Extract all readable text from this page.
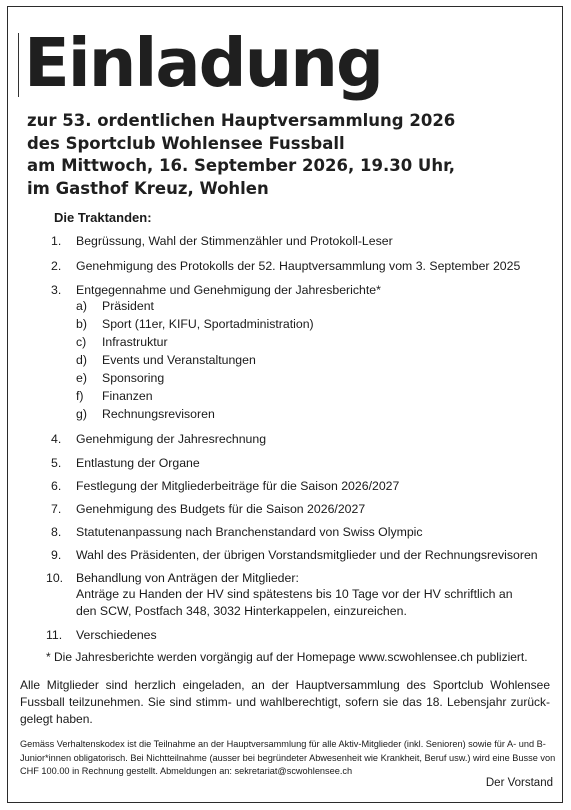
Einladung
zur 53. ordentlichen Hauptversammlung 2026
des Sportclub Wohlensee Fussball
am Mittwoch, 16. September 2026, 19.30 Uhr,
im Gasthof Kreuz, Wohlen
Die Traktanden:
1. Begrüssung, Wahl der Stimmenzähler und Protokoll-Leser
2. Genehmigung des Protokolls der 52. Hauptversammlung vom 3. September 2025
3. Entgegennahme und Genehmigung der Jahresberichte*
a) Präsident
b) Sport (11er, KIFU, Sportadministration)
c) Infrastruktur
d) Events und Veranstaltungen
e) Sponsoring
f) Finanzen
g) Rechnungsrevisoren
4. Genehmigung der Jahresrechnung
5. Entlastung der Organe
6. Festlegung der Mitgliederbeiträge für die Saison 2026/2027
7. Genehmigung des Budgets für die Saison 2026/2027
8. Statutenanpassung nach Branchenstandard von Swiss Olympic
9. Wahl des Präsidenten, der übrigen Vorstandsmitglieder und der Rechnungsrevisoren
10. Behandlung von Anträgen der Mitglieder:
Anträge zu Handen der HV sind spätestens bis 10 Tage vor der HV schriftlich an
den SCW, Postfach 348, 3032 Hinterkappelen, einzureichen.
11. Verschiedenes
* Die Jahresberichte werden vorgängig auf der Homepage www.scwohlensee.ch publiziert.
Alle Mitglieder sind herzlich eingeladen, an der Hauptversammlung des Sportclub Wohlensee Fussball teilzunehmen. Sie sind stimm- und wahlberechtigt, sofern sie das 18. Lebensjahr zurück-gelegt haben.
Gemäss Verhaltenskodex ist die Teilnahme an der Hauptversammlung für alle Aktiv-Mitglieder (inkl. Senioren) sowie für A- und B-Junior*innen obligatorisch. Bei Nichtteilnahme (ausser bei begründeter Abwesenheit wie Krankheit, Beruf usw.) wird eine Busse von CHF 100.00 in Rechnung gestellt. Abmeldungen an: sekretariat@scwohlensee.ch
Der Vorstand
